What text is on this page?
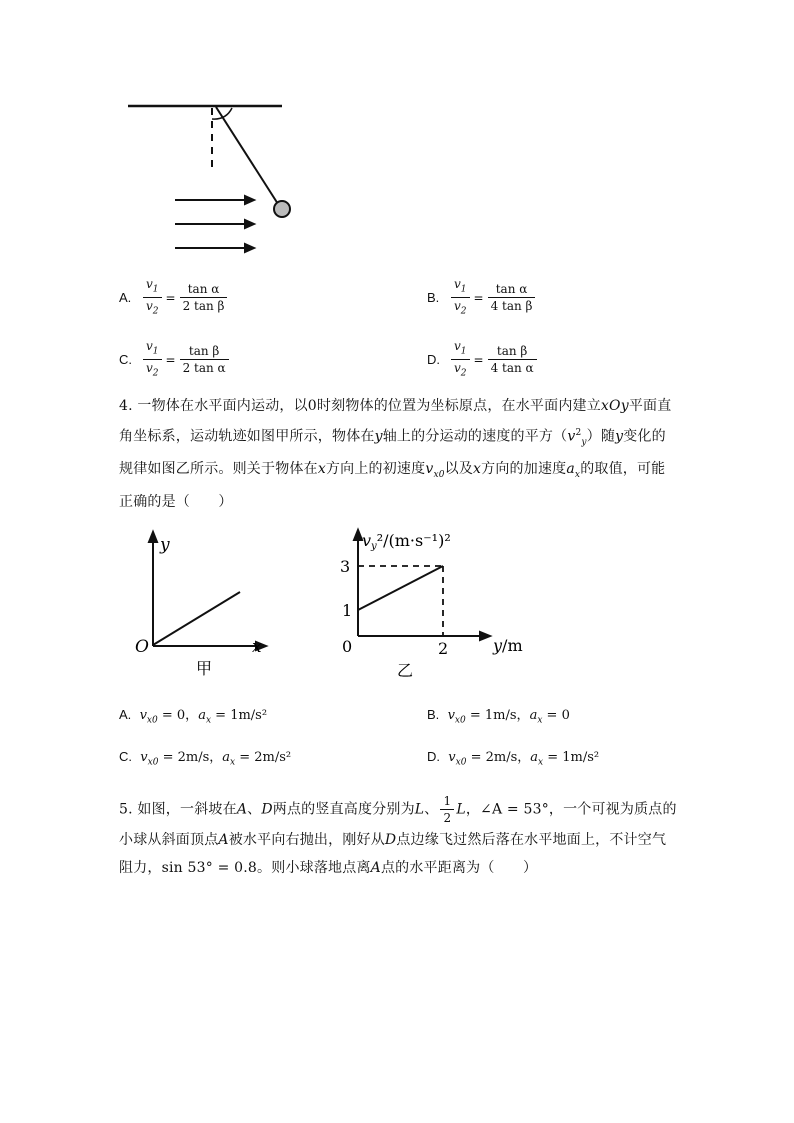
A. $\frac{v_1}{v_2} = \frac{\text{tan α}}{\text{2 tan β}}$	B. $\frac{v_1}{v_2} = \frac{\text{tan α}}{\text{4 tan β}}$
C. $\frac{v_1}{v_2} = \frac{\text{tan β}}{\text{2 tan α}}$	D. $\frac{v_1}{v_2} = \frac{\text{tan β}}{\text{4 tan α}}$
4. 一物体在水平面内运动，以0时刻物体的位置为坐标原点，在水平面内建立xOy平面直角坐标系，运动轨迹如图甲所示，物体在y轴上的分运动的速度的平方$(v^2_y)$随y变化的规律如图乙所示。则关于物体在x方向上的初速度$v_{x0}$以及x方向的加速度$a_x$的取值，可能正确的是（　　）
y
x
O
甲
vy²/(m·s⁻¹)²
3
1
0	2	y/m
乙
A. $v_{x0} = 0$，$a_x = 1m/s^2$	B. $v_{x0} = 1m/s$，$a_x = 0$
C. $v_{x0} = 2m/s$，$a_x = 2m/s^2$	D. $v_{x0} = 2m/s$，$a_x = 1m/s^2$
5. 如图，一斜坡在A、D两点的竖直高度分别为L、 $\frac{1}{2}$ L，∠A = 53°，一个可视为质点的小球从斜面顶点A被水平向右抛出，刚好从D点边缘飞过然后落在水平地面上，不计空气阻力，sin 53° = 0.8。则小球落地点离A点的水平距离为（　　）
